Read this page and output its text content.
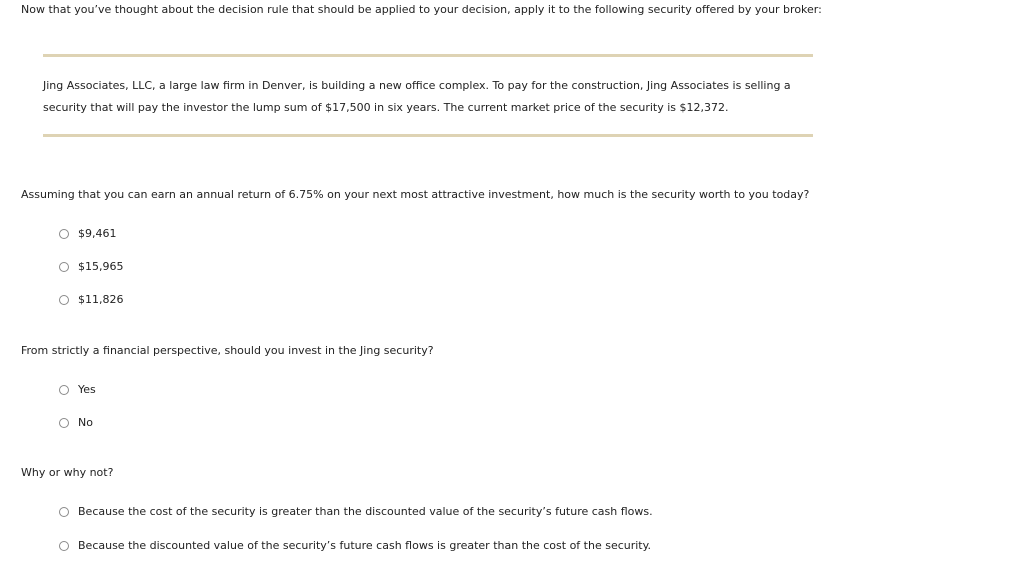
Now that you’ve thought about the decision rule that should be applied to your decision, apply it to the following security offered by your broker:
Jing Associates, LLC, a large law firm in Denver, is building a new office complex. To pay for the construction, Jing Associates is selling a
security that will pay the investor the lump sum of $17,500 in six years. The current market price of the security is $12,372.
Assuming that you can earn an annual return of 6.75% on your next most attractive investment, how much is the security worth to you today?
$9,461
$15,965
$11,826
From strictly a financial perspective, should you invest in the Jing security?
Yes
No
Why or why not?
Because the cost of the security is greater than the discounted value of the security’s future cash flows.
Because the discounted value of the security’s future cash flows is greater than the cost of the security.
